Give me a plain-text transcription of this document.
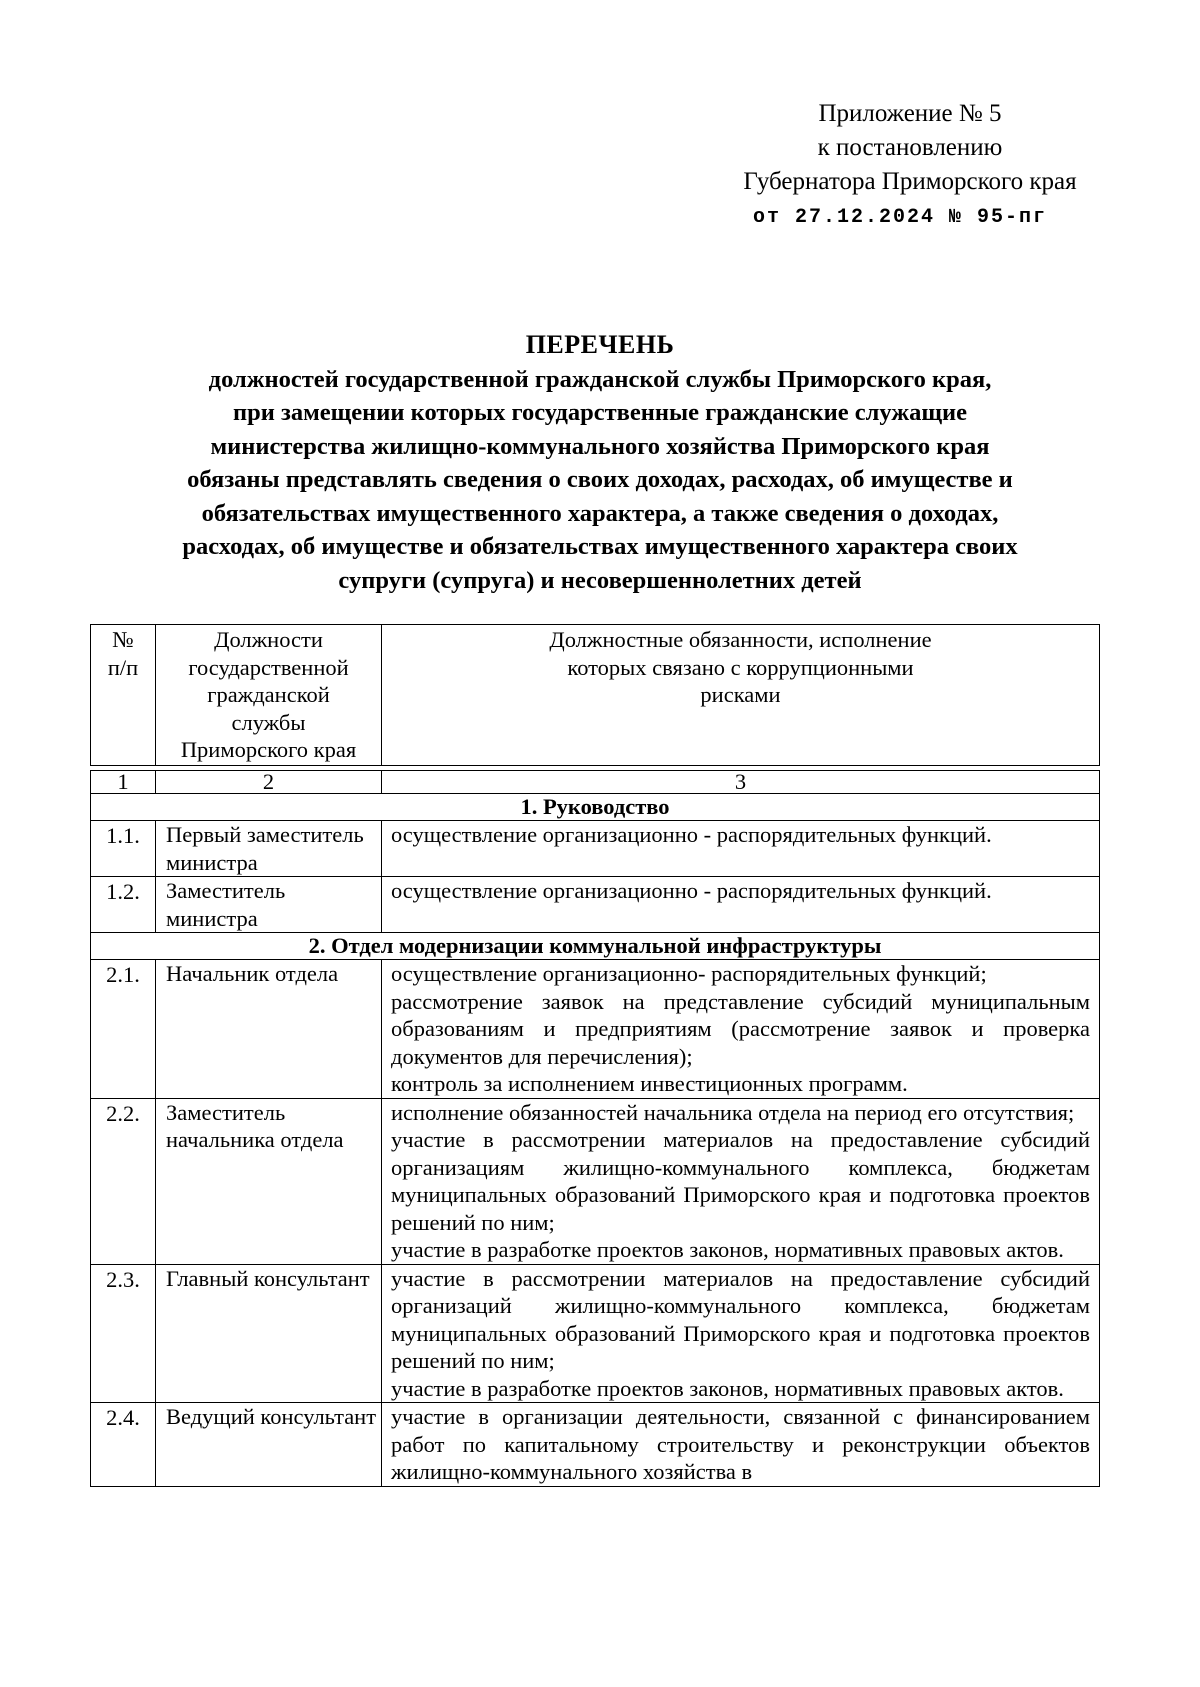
Приложение № 5
к постановлению
Губернатора Приморского края
от 27.12.2024 № 95-пг
ПЕРЕЧЕНЬ
должностей государственной гражданской службы Приморского края,
при замещении которых государственные гражданские служащие
министерства жилищно-коммунального хозяйства Приморского края
обязаны представлять сведения о своих доходах, расходах, об имуществе и
обязательствах имущественного характера, а также сведения о доходах,
расходах, об имуществе и обязательствах имущественного характера своих
супруги (супруга) и несовершеннолетних детей
№ п/п	Должности государственной гражданской службы Приморского края	Должностные обязанности, исполнение которых связано с коррупционными рисками
1	2	3
1. Руководство		
1.1.	Первый заместитель министра	осуществление организационно - распорядительных функций.

1.2.	Заместитель министра	осуществление организационно - распорядительных функций.

2. Отдел модернизации коммунальной инфраструктуры		
2.1.	Начальник отдела	осуществление организационно- распорядительных функций;
рассмотрение заявок на представление субсидий муниципальным образованиям и предприятиям (рассмотрение заявок и проверка документов для перечисления);
контроль за исполнением инвестиционных программ.

2.2.	Заместитель начальника отдела	исполнение обязанностей начальника отдела на период его отсутствия;
участие в рассмотрении материалов на предоставление субсидий организациям жилищно-коммунального комплекса, бюджетам муниципальных образований Приморского края и подготовка проектов решений по ним;
участие в разработке проектов законов, нормативных правовых актов.

2.3.	Главный консультант	участие в рассмотрении материалов на предоставление субсидий организаций жилищно-коммунального комплекса, бюджетам муниципальных образований Приморского края и подготовка проектов решений по ним;
участие в разработке проектов законов, нормативных правовых актов.

2.4.	Ведущий консультант	участие в организации деятельности, связанной с финансированием работ по капитальному строительству и реконструкции объектов жилищно-коммунального хозяйства в
